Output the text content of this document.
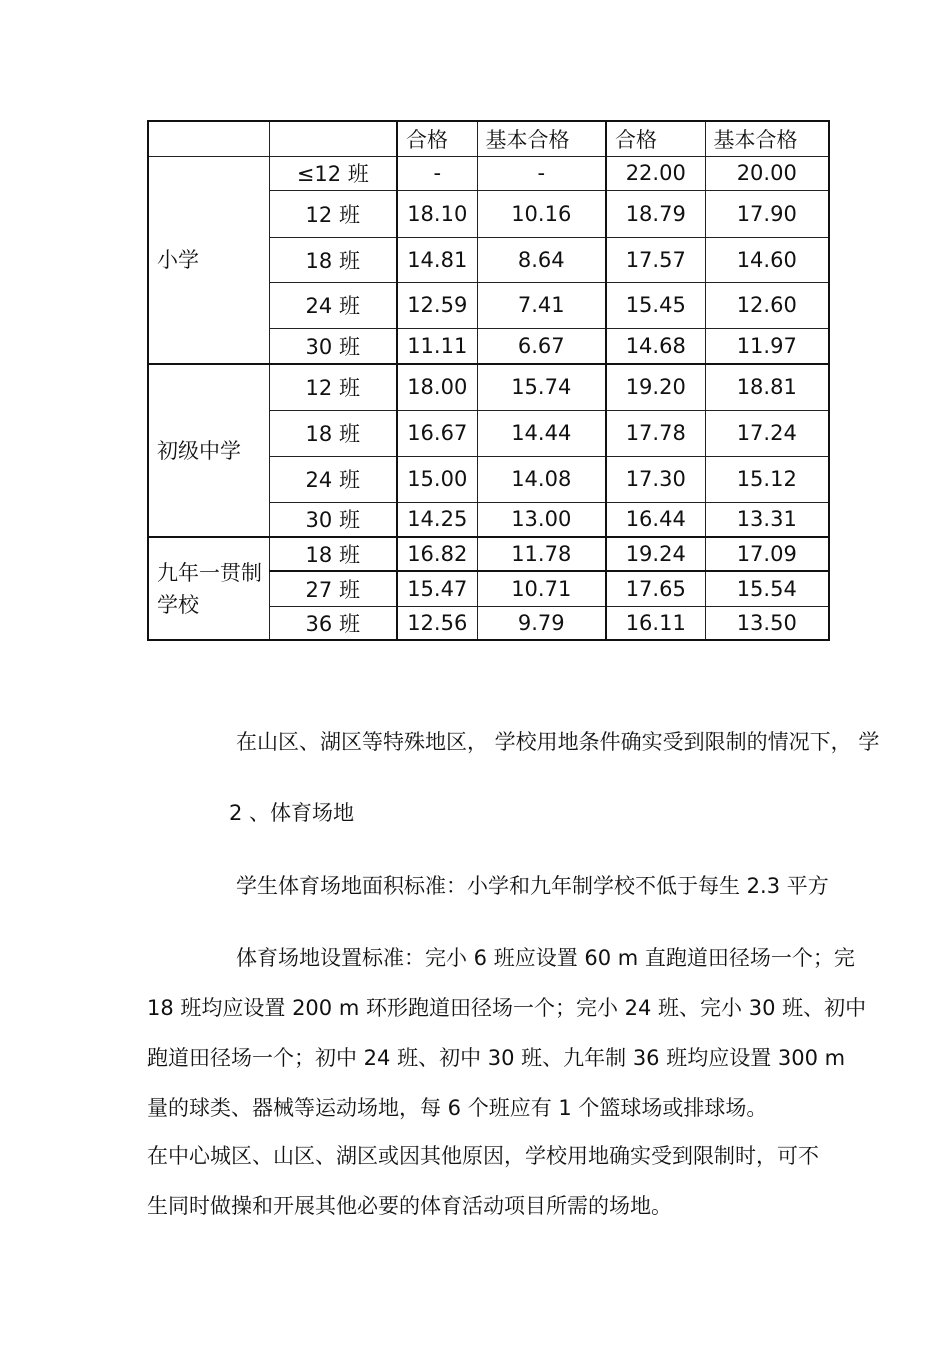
		合格	基本合格	合格	基本合格
小学	≤12 班	-	-	22.00	20.00
	12 班	18.10	10.16	18.79	17.90
	18 班	14.81	8.64	17.57	14.60
	24 班	12.59	7.41	15.45	12.60
	30 班	11.11	6.67	14.68	11.97
初级中学	12 班	18.00	15.74	19.20	18.81
	18 班	16.67	14.44	17.78	17.24
	24 班	15.00	14.08	17.30	15.12
	30 班	14.25	13.00	16.44	13.31
九年一贯制学校	18 班	16.82	11.78	19.24	17.09
	27 班	15.47	10.71	17.65	15.54
	36 班	12.56	9.79	16.11	13.50

在山区、湖区等特殊地区， 学校用地条件确实受到限制的情况下， 学

2 、体育场地

学生体育场地面积标准：小学和九年制学校不低于每生 2.3 平方

体育场地设置标准：完小 6 班应设置 60 m 直跑道田径场一个；完

18 班均应设置 200 m 环形跑道田径场一个；完小 24 班、完小 30 班、初中

跑道田径场一个；初中 24 班、初中 30 班、九年制 36 班均应设置 300 m

量的球类、器械等运动场地，每 6 个班应有 1 个篮球场或排球场。

在中心城区、山区、湖区或因其他原因，学校用地确实受到限制时，可不

生同时做操和开展其他必要的体育活动项目所需的场地。
